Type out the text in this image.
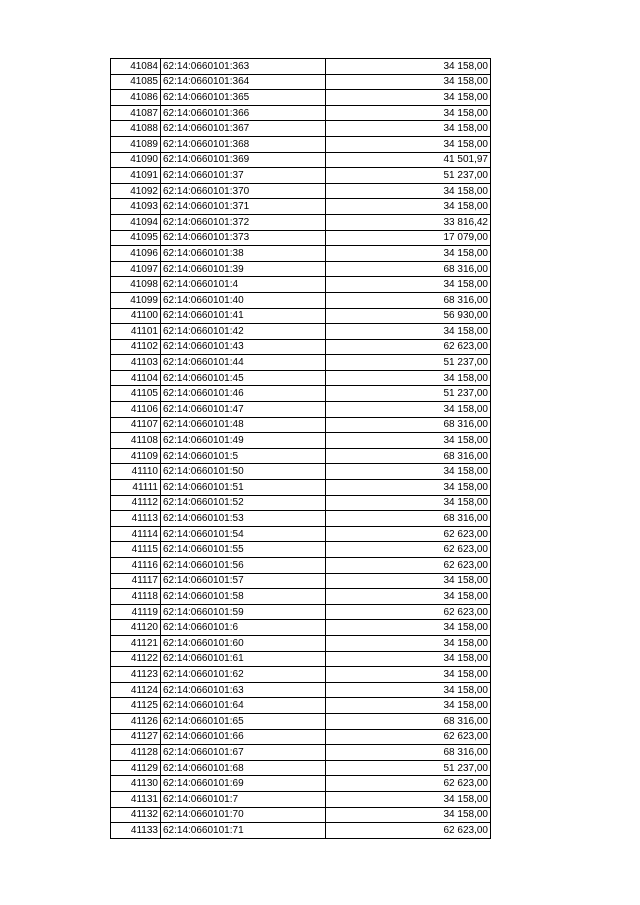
41084	62:14:0660101:363	34 158,00
41085	62:14:0660101:364	34 158,00
41086	62:14:0660101:365	34 158,00
41087	62:14:0660101:366	34 158,00
41088	62:14:0660101:367	34 158,00
41089	62:14:0660101:368	34 158,00
41090	62:14:0660101:369	41 501,97
41091	62:14:0660101:37	51 237,00
41092	62:14:0660101:370	34 158,00
41093	62:14:0660101:371	34 158,00
41094	62:14:0660101:372	33 816,42
41095	62:14:0660101:373	17 079,00
41096	62:14:0660101:38	34 158,00
41097	62:14:0660101:39	68 316,00
41098	62:14:0660101:4	34 158,00
41099	62:14:0660101:40	68 316,00
41100	62:14:0660101:41	56 930,00
41101	62:14:0660101:42	34 158,00
41102	62:14:0660101:43	62 623,00
41103	62:14:0660101:44	51 237,00
41104	62:14:0660101:45	34 158,00
41105	62:14:0660101:46	51 237,00
41106	62:14:0660101:47	34 158,00
41107	62:14:0660101:48	68 316,00
41108	62:14:0660101:49	34 158,00
41109	62:14:0660101:5	68 316,00
41110	62:14:0660101:50	34 158,00
41111	62:14:0660101:51	34 158,00
41112	62:14:0660101:52	34 158,00
41113	62:14:0660101:53	68 316,00
41114	62:14:0660101:54	62 623,00
41115	62:14:0660101:55	62 623,00
41116	62:14:0660101:56	62 623,00
41117	62:14:0660101:57	34 158,00
41118	62:14:0660101:58	34 158,00
41119	62:14:0660101:59	62 623,00
41120	62:14:0660101:6	34 158,00
41121	62:14:0660101:60	34 158,00
41122	62:14:0660101:61	34 158,00
41123	62:14:0660101:62	34 158,00
41124	62:14:0660101:63	34 158,00
41125	62:14:0660101:64	34 158,00
41126	62:14:0660101:65	68 316,00
41127	62:14:0660101:66	62 623,00
41128	62:14:0660101:67	68 316,00
41129	62:14:0660101:68	51 237,00
41130	62:14:0660101:69	62 623,00
41131	62:14:0660101:7	34 158,00
41132	62:14:0660101:70	34 158,00
41133	62:14:0660101:71	62 623,00
